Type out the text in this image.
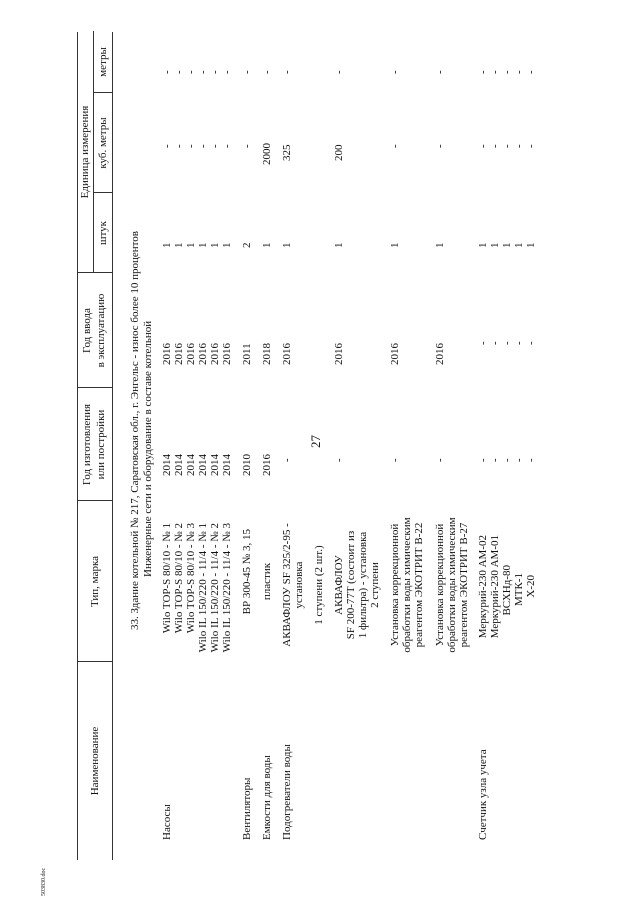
27
503830.doc
Наименование
Тип, марка
Год изготовления или постройки
Год ввода в эксплуатацию
Единица измерения
штук
куб. метры
метры
33. Здание котельной № 217, Саратовская обл., г. Энгельс - износ более 10 процентов Инженерные сети и оборудование в составе котельной
Насосы
Wilo TOP-S 80/10 - № 1
2014
2016
1
-
-
Wilo TOP-S 80/10 - № 2
2014
2016
1
-
-
Wilo TOP-S 80/10 - № 3
2014
2016
1
-
-
Wilo IL 150/220 - 11/4 - № 1
2014
2016
1
-
-
Wilo IL 150/220 - 11/4 - № 2
2014
2016
1
-
-
Wilo IL 150/220 - 11/4 - № 3
2014
2016
1
-
-
Вентиляторы
ВР 300-45 № 3, 15
2010
2011
2
-
-
Емкости для воды
пластик
2016
2018
1
2000
-
Подогреватели воды
АКВАФЛОУ SF 325/2-95 - установка 1 ступени (2 шт.)
-
2016
1
325
-
АКВАФЛОУ SF 200-77T (состоит из 1 фильтра) - установка 2 ступени
-
2016
1
200
-
Установка коррекционной обработки воды химическим реагентом ЭКОТРИТ В-22
-
2016
1
-
-
Установка коррекционной обработки воды химическим реагентом ЭКОТРИТ В-27
-
2016
1
-
-
Счетчик узла учета
Меркурий-230 АМ-02
-
-
1
-
-
Меркурий-230 АМ-01
-
-
1
-
-
ВСХНд-80
-
-
1
-
-
МТК-1
-
-
1
-
-
Х-20
-
-
1
-
-
